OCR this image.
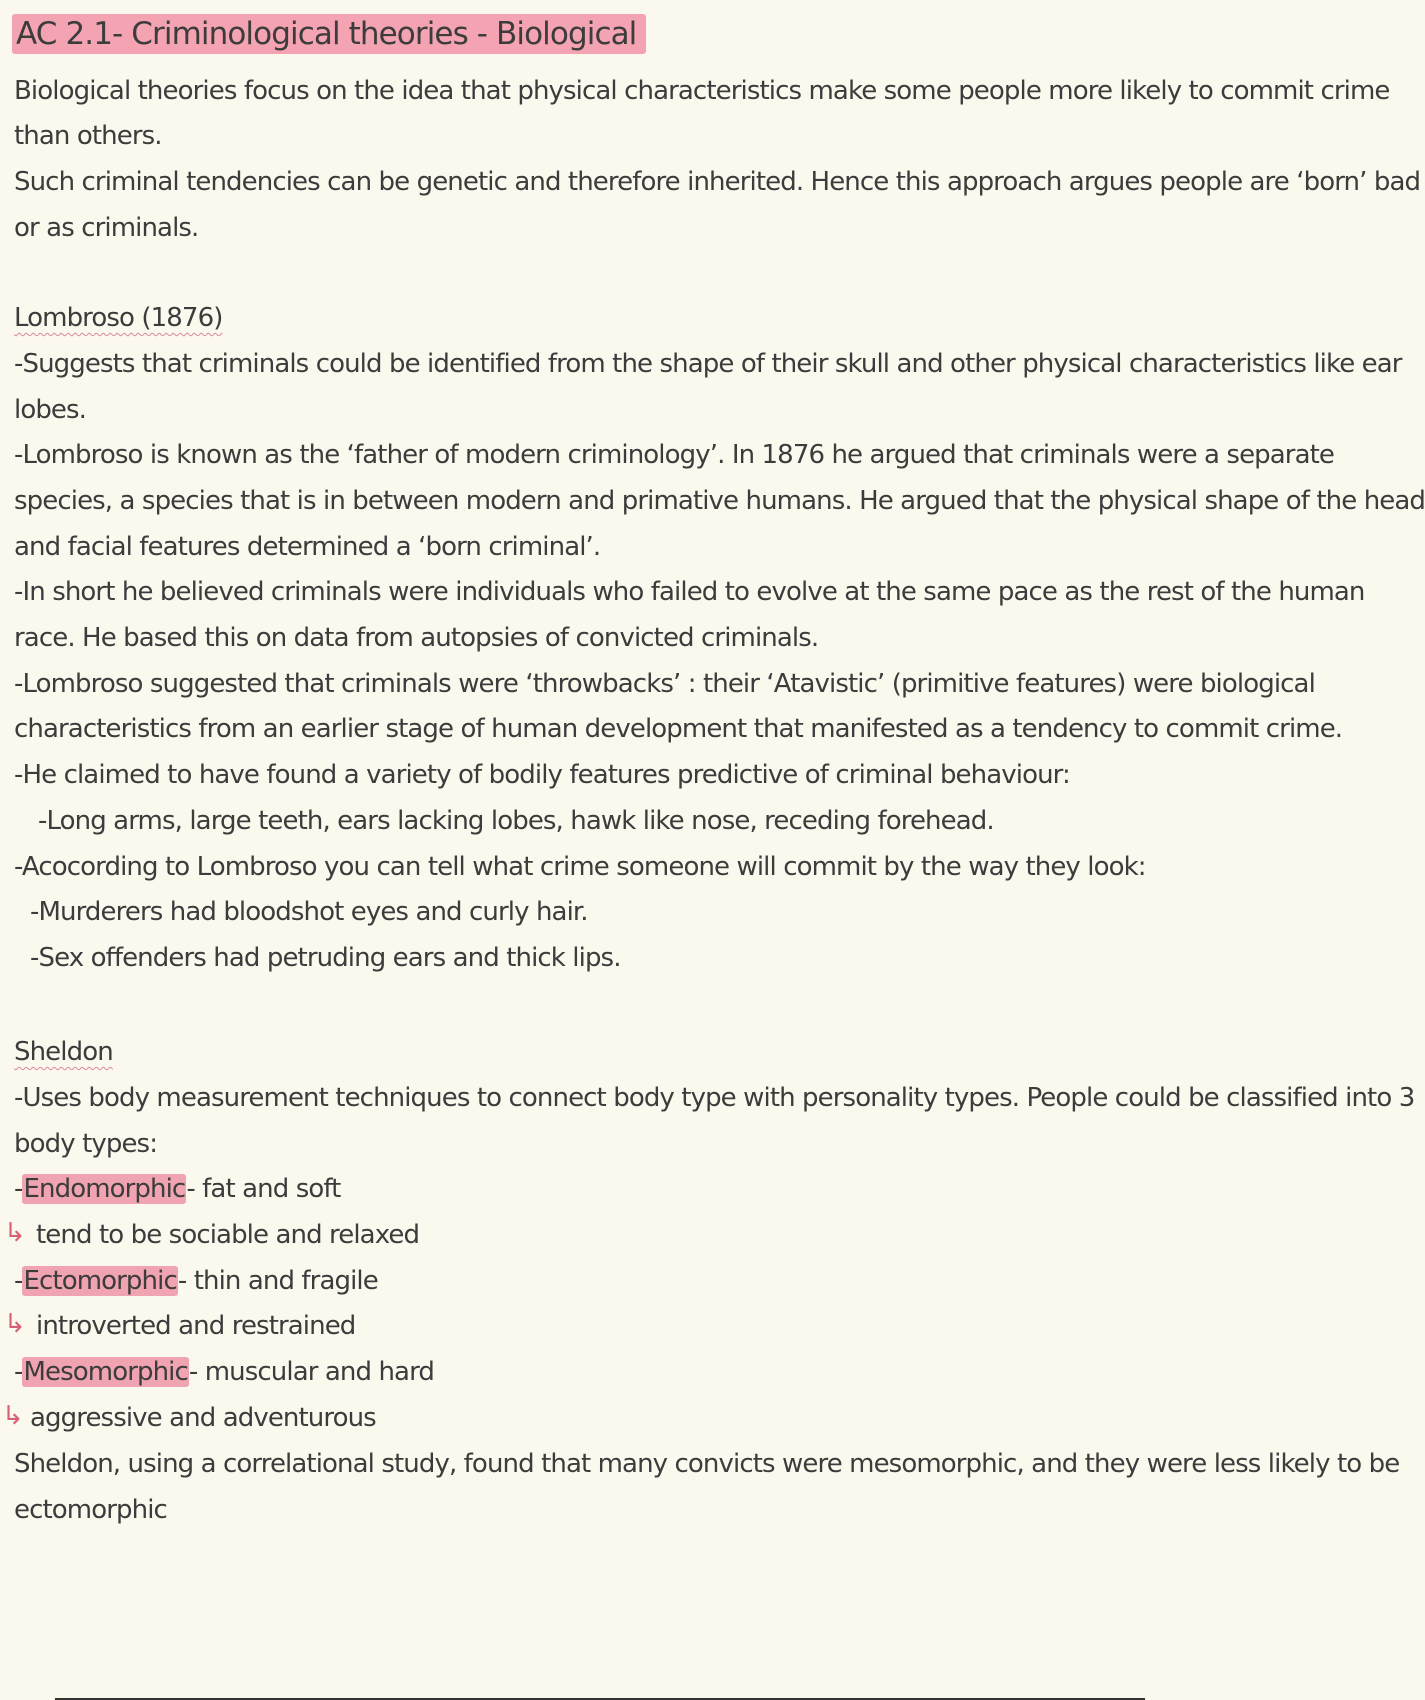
AC 2.1- Criminological theories - Biological
Biological theories focus on the idea that physical characteristics make some people more likely to commit crime
than others.
Such criminal tendencies can be genetic and therefore inherited. Hence this approach argues people are ‘born’ bad
or as criminals.
Lombroso (1876)
-Suggests that criminals could be identified from the shape of their skull and other physical characteristics like ear
lobes.
-Lombroso is known as the ‘father of modern criminology’. In 1876 he argued that criminals were a separate
species, a species that is in between modern and primative humans. He argued that the physical shape of the head
and facial features determined a ‘born criminal’.
-In short he believed criminals were individuals who failed to evolve at the same pace as the rest of the human
race. He based this on data from autopsies of convicted criminals.
-Lombroso suggested that criminals were ‘throwbacks’ : their ‘Atavistic’ (primitive features) were biological
characteristics from an earlier stage of human development that manifested as a tendency to commit crime.
-He claimed to have found a variety of bodily features predictive of criminal behaviour:
-Long arms, large teeth, ears lacking lobes, hawk like nose, receding forehead.
-Acocording to Lombroso you can tell what crime someone will commit by the way they look:
-Murderers had bloodshot eyes and curly hair.
-Sex offenders had petruding ears and thick lips.
Sheldon
-Uses body measurement techniques to connect body type with personality types. People could be classified into 3
body types:
-Endomorphic- fat and soft
↳ tend to be sociable and relaxed
-Ectomorphic- thin and fragile
↳ introverted and restrained
-Mesomorphic- muscular and hard
↳ aggressive and adventurous
Sheldon, using a correlational study, found that many convicts were mesomorphic, and they were less likely to be
ectomorphic
